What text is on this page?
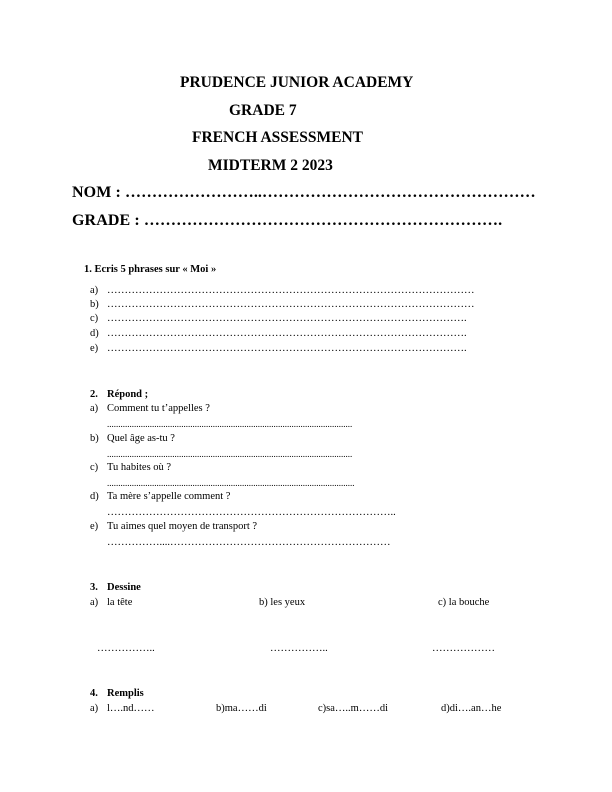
PRUDENCE JUNIOR ACADEMY
GRADE 7
FRENCH ASSESSMENT
MIDTERM 2 2023
NOM : ……………………..……………………………………………
GRADE : ………………………………………………………….
1. Ecris 5 phrases sur « Moi »
a) ……………………………………………………………………………………………
b) ……………………………………………………………………………………………
c) ………………………………………………………………………………………….
d) ………………………………………………………………………………………….
e) ………………………………………………………………………………………….
2. Répond ;
a) Comment tu t’appelles ?
.............................................................................................................
b) Quel âge as-tu ?
.............................................................................................................
c) Tu habites où ?
..............................................................................................................
d) Ta mère s’appelle comment ?
………………………………………………………………………..
e) Tu aimes quel moyen de transport ?
……………....………………………………………………………
3. Dessine
a) la tête	b) les yeux	c) la bouche
……………..	……………..	………………
4. Remplis
a) l….nd……	b)ma……di	c)sa…..m……di	d)di….an…he
